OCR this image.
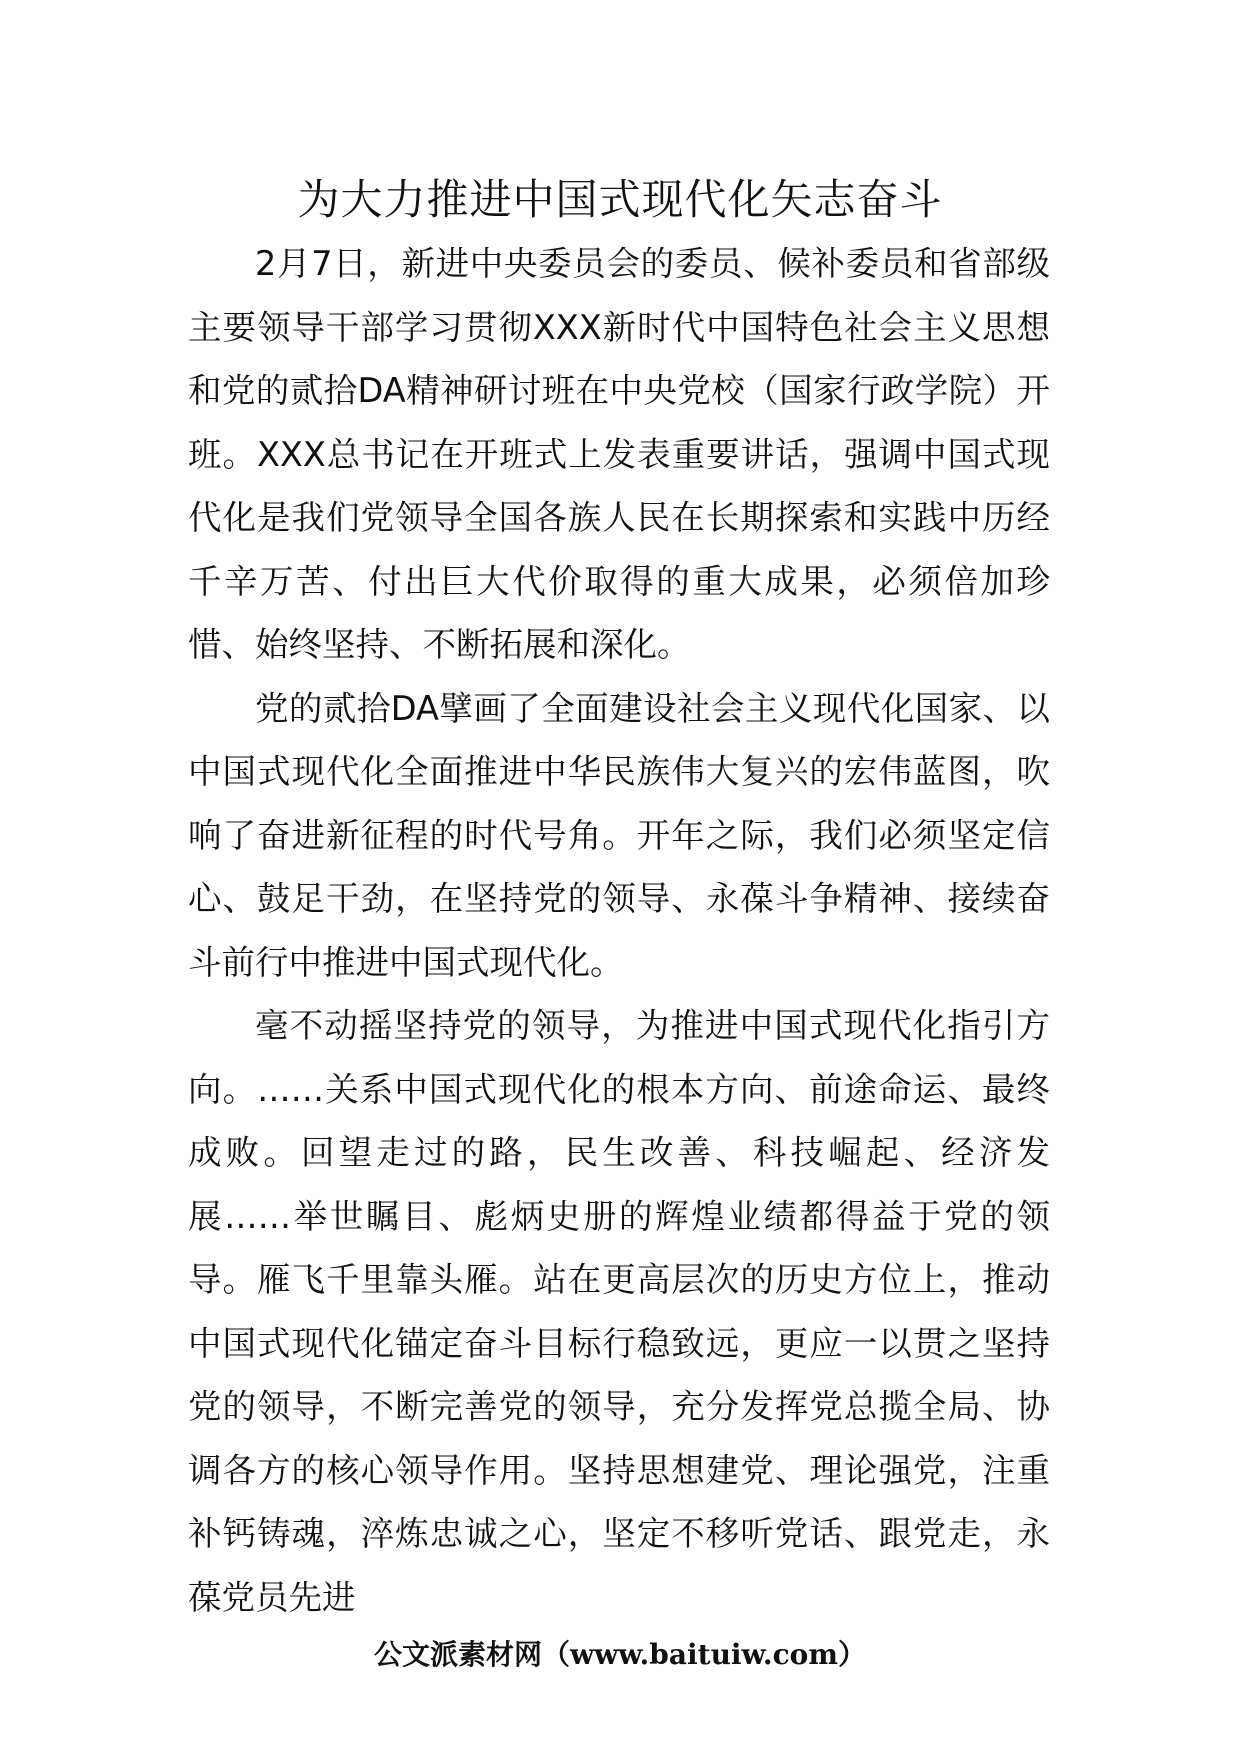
为大力推进中国式现代化矢志奋斗

2月7日，新进中央委员会的委员、候补委员和省部级主要领导干部学习贯彻XXX新时代中国特色社会主义思想和党的贰拾DA精神研讨班在中央党校（国家行政学院）开班。XXX总书记在开班式上发表重要讲话，强调中国式现代化是我们党领导全国各族人民在长期探索和实践中历经千辛万苦、付出巨大代价取得的重大成果，必须倍加珍惜、始终坚持、不断拓展和深化。

党的贰拾DA擘画了全面建设社会主义现代化国家、以中国式现代化全面推进中华民族伟大复兴的宏伟蓝图，吹响了奋进新征程的时代号角。开年之际，我们必须坚定信心、鼓足干劲，在坚持党的领导、永葆斗争精神、接续奋斗前行中推进中国式现代化。

毫不动摇坚持党的领导，为推进中国式现代化指引方向。……关系中国式现代化的根本方向、前途命运、最终成败。回望走过的路，民生改善、科技崛起、经济发展……举世瞩目、彪炳史册的辉煌业绩都得益于党的领导。雁飞千里靠头雁。站在更高层次的历史方位上，推动中国式现代化锚定奋斗目标行稳致远，更应一以贯之坚持党的领导，不断完善党的领导，充分发挥党总揽全局、协调各方的核心领导作用。坚持思想建党、理论强党，注重补钙铸魂，淬炼忠诚之心，坚定不移听党话、跟党走，永葆党员先进

公文派素材网（www.baituiw.com）
